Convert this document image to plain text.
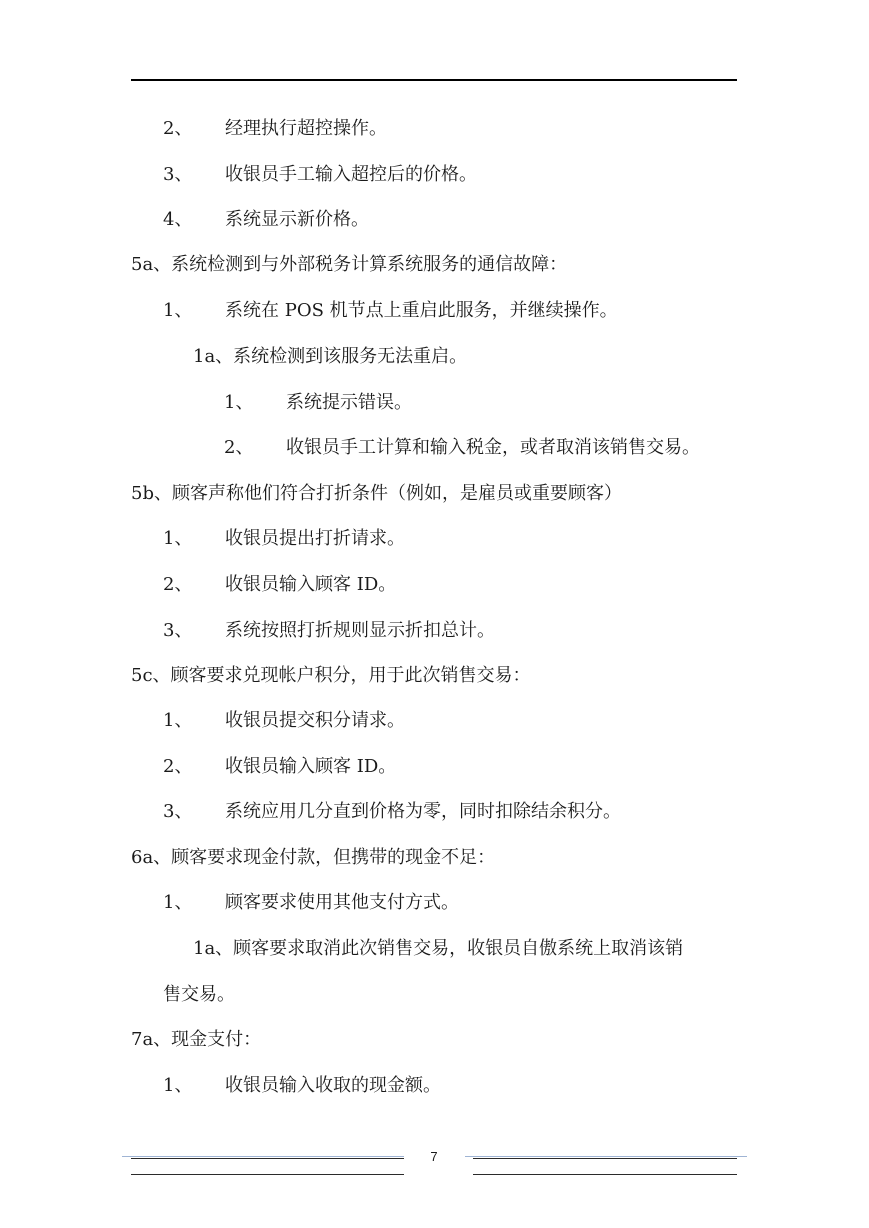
2、 经理执行超控操作。
3、 收银员手工输入超控后的价格。
4、 系统显示新价格。
5a、系统检测到与外部税务计算系统服务的通信故障：
1、 系统在 POS 机节点上重启此服务，并继续操作。
1a、系统检测到该服务无法重启。
1、 系统提示错误。
2、 收银员手工计算和输入税金，或者取消该销售交易。
5b、顾客声称他们符合打折条件（例如，是雇员或重要顾客）
1、 收银员提出打折请求。
2、 收银员输入顾客 ID。
3、 系统按照打折规则显示折扣总计。
5c、顾客要求兑现帐户积分，用于此次销售交易：
1、 收银员提交积分请求。
2、 收银员输入顾客 ID。
3、 系统应用几分直到价格为零，同时扣除结余积分。
6a、顾客要求现金付款，但携带的现金不足：
1、 顾客要求使用其他支付方式。
1a、顾客要求取消此次销售交易，收银员自傲系统上取消该销
售交易。
7a、现金支付：
1、 收银员输入收取的现金额。
7
